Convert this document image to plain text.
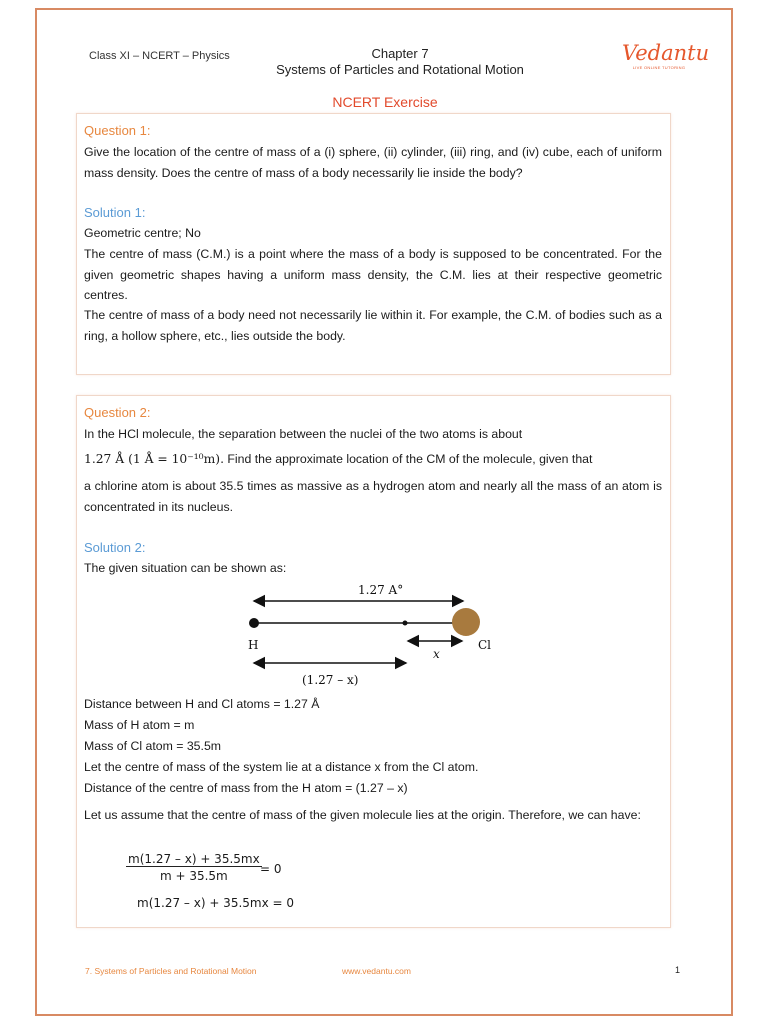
Class XI – NCERT – Physics	Chapter 7
Systems of Particles and Rotational Motion
Vedantu
LIVE ONLINE TUTORING
NCERT Exercise
Question 1:
Give the location of the centre of mass of a (i) sphere, (ii) cylinder, (iii) ring, and (iv) cube, each of uniform mass density. Does the centre of mass of a body necessarily lie inside the body?
Solution 1:
Geometric centre; No
The centre of mass (C.M.) is a point where the mass of a body is supposed to be concentrated. For the given geometric shapes having a uniform mass density, the C.M. lies at their respective geometric centres.
The centre of mass of a body need not necessarily lie within it. For example, the C.M. of bodies such as a ring, a hollow sphere, etc., lies outside the body.
Question 2:
In the HCl molecule, the separation between the nuclei of the two atoms is about
1.27 Å (1 Å = 10⁻¹⁰m). Find the approximate location of the CM of the molecule, given that
a chlorine atom is about 35.5 times as massive as a hydrogen atom and nearly all the mass of an atom is concentrated in its nucleus.
Solution 2:
The given situation can be shown as:
1.27 A°
H	Cl
x
(1.27 – x)
Distance between H and Cl atoms = 1.27 Å
Mass of H atom = m
Mass of Cl atom = 35.5m
Let the centre of mass of the system lie at a distance x from the Cl atom.
Distance of the centre of mass from the H atom = (1.27 – x)
Let us assume that the centre of mass of the given molecule lies at the origin. Therefore, we can have:
$\frac{m(1.27 - x) + 35.5mx}{m + 35.5m}$
= 0
m(1.27 – x) + 35.5mx = 0
7. Systems of Particles and Rotational Motion	www.vedantu.com	1
